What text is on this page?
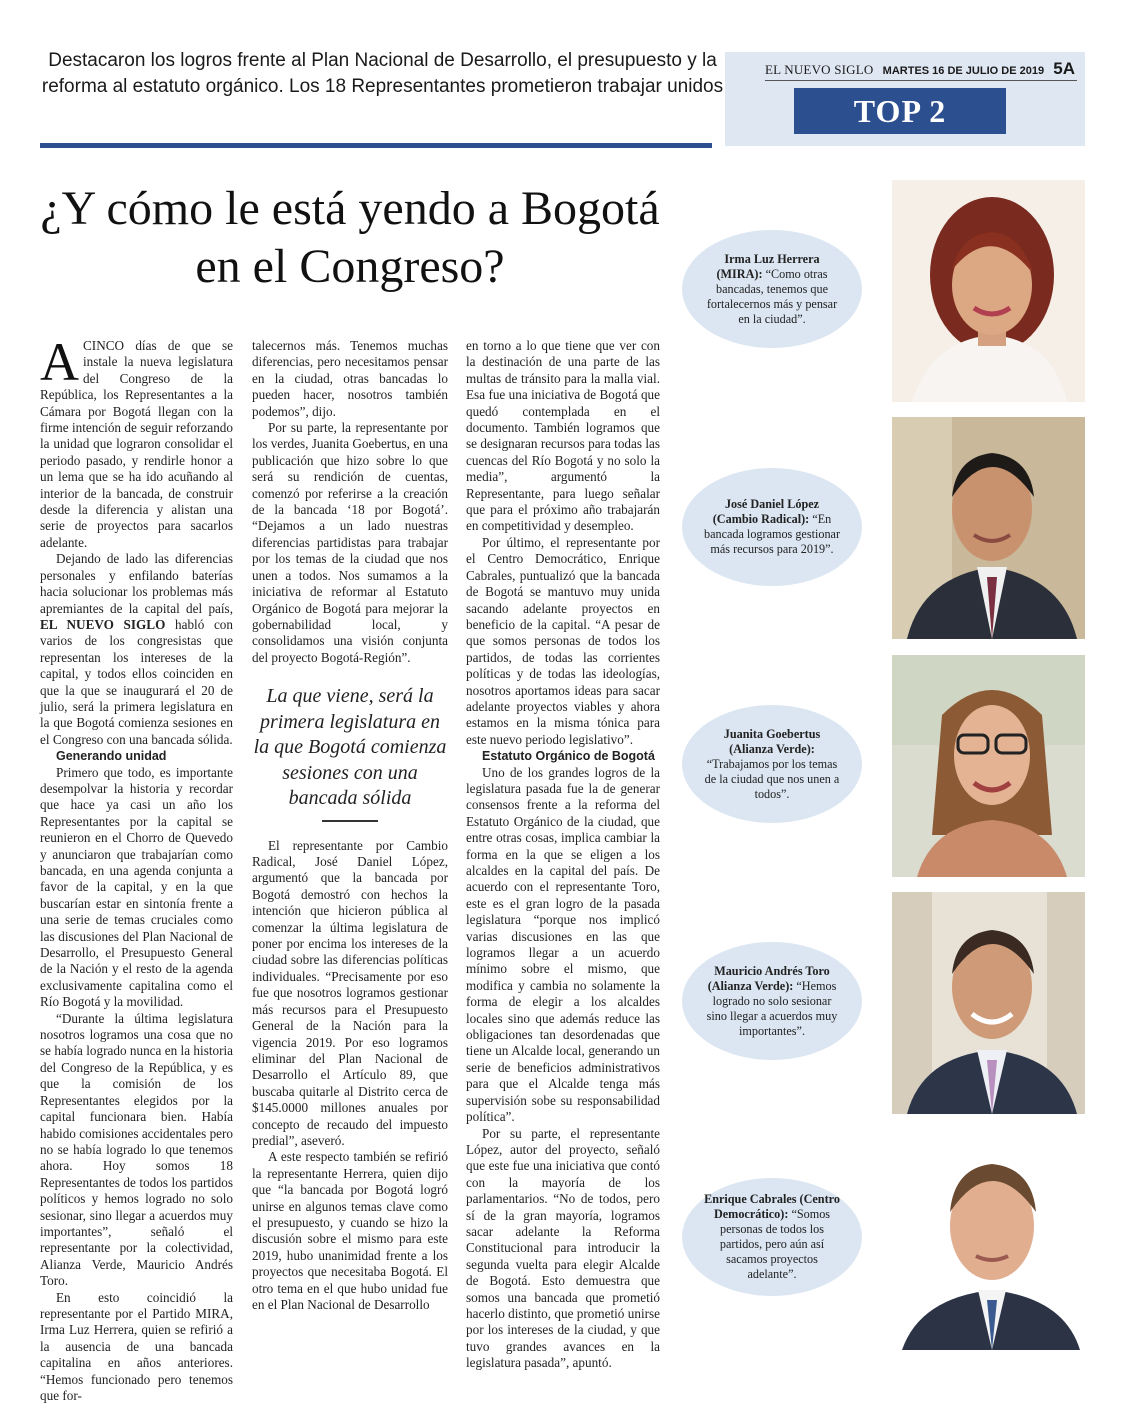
Destacaron los logros frente al Plan Nacional de Desarrollo, el presupuesto y la reforma al estatuto orgánico. Los 18 Representantes prometieron trabajar unidos
EL NUEVO SIGLO MARTES 16 DE JULIO DE 2019 5A
TOP 2
¿Y cómo le está yendo a Bogotá en el Congreso?

ACINCO días de que se instale la nueva legislatura del Congreso de la República, los Representantes a la Cámara por Bogotá llegan con la firme intención de seguir reforzando la unidad que lograron consolidar el periodo pasado, y rendirle honor a un lema que se ha ido acuñando al interior de la bancada, de construir desde la diferencia y alistan una serie de proyectos para sacarlos adelante.

Dejando de lado las diferencias personales y enfilando baterías hacia solucionar los problemas más apremiantes de la capital del país, EL NUEVO SIGLO habló con varios de los congresistas que representan los intereses de la capital, y todos ellos coinciden en que la que se inaugurará el 20 de julio, será la primera legislatura en la que Bogotá comienza sesiones en el Congreso con una bancada sólida.

Generando unidad

Primero que todo, es importante desempolvar la historia y recordar que hace ya casi un año los Representantes por la capital se reunieron en el Chorro de Quevedo y anunciaron que trabajarían como bancada, en una agenda conjunta a favor de la capital, y en la que buscarían estar en sintonía frente a una serie de temas cruciales como las discusiones del Plan Nacional de Desarrollo, el Presupuesto General de la Nación y el resto de la agenda exclusivamente capitalina como el Río Bogotá y la movilidad.

“Durante la última legislatura nosotros logramos una cosa que no se había logrado nunca en la historia del Congreso de la República, y es que la comisión de los Representantes elegidos por la capital funcionara bien. Había habido comisiones accidentales pero no se había logrado lo que tenemos ahora. Hoy somos 18 Representantes de todos los partidos políticos y hemos logrado no solo sesionar, sino llegar a acuerdos muy importantes”, señaló el representante por la colectividad, Alianza Verde, Mauricio Andrés Toro.

En esto coincidió la representante por el Partido MIRA, Irma Luz Herrera, quien se refirió a la ausencia de una bancada capitalina en años anteriores. “Hemos funcionado pero tenemos que for-

talecernos más. Tenemos muchas diferencias, pero necesitamos pensar en la ciudad, otras bancadas lo pueden hacer, nosotros también podemos”, dijo.

Por su parte, la representante por los verdes, Juanita Goebertus, en una publicación que hizo sobre lo que será su rendición de cuentas, comenzó por referirse a la creación de la bancada ‘18 por Bogotá’. “Dejamos a un lado nuestras diferencias partidistas para trabajar por los temas de la ciudad que nos unen a todos. Nos sumamos a la iniciativa de reformar al Estatuto Orgánico de Bogotá para mejorar la gobernabilidad local, y consolidamos una visión conjunta del proyecto Bogotá-Región”.

La que viene, será la primera legislatura en la que Bogotá comienza sesiones con una bancada sólida

El representante por Cambio Radical, José Daniel López, argumentó que la bancada por Bogotá demostró con hechos la intención que hicieron pública al comenzar la última legislatura de poner por encima los intereses de la ciudad sobre las diferencias políticas individuales. “Precisamente por eso fue que nosotros logramos gestionar más recursos para el Presupuesto General de la Nación para la vigencia 2019. Por eso logramos eliminar del Plan Nacional de Desarrollo el Artículo 89, que buscaba quitarle al Distrito cerca de $145.0000 millones anuales por concepto de recaudo del impuesto predial”, aseveró.

A este respecto también se refirió la representante Herrera, quien dijo que “la bancada por Bogotá logró unirse en algunos temas clave como el presupuesto, y cuando se hizo la discusión sobre el mismo para este 2019, hubo unanimidad frente a los proyectos que necesitaba Bogotá. El otro tema en el que hubo unidad fue en el Plan Nacional de Desarrollo

en torno a lo que tiene que ver con la destinación de una parte de las multas de tránsito para la malla vial. Esa fue una iniciativa de Bogotá que quedó contemplada en el documento. También logramos que se designaran recursos para todas las cuencas del Río Bogotá y no solo la media”, argumentó la Representante, para luego señalar que para el próximo año trabajarán en competitividad y desempleo.

Por último, el representante por el Centro Democrático, Enrique Cabrales, puntualizó que la bancada de Bogotá se mantuvo muy unida sacando adelante proyectos en beneficio de la capital. “A pesar de que somos personas de todos los partidos, de todas las corrientes políticas y de todas las ideologías, nosotros aportamos ideas para sacar adelante proyectos viables y ahora estamos en la misma tónica para este nuevo periodo legislativo”.

Estatuto Orgánico de Bogotá

Uno de los grandes logros de la legislatura pasada fue la de generar consensos frente a la reforma del Estatuto Orgánico de la ciudad, que entre otras cosas, implica cambiar la forma en la que se eligen a los alcaldes en la capital del país. De acuerdo con el representante Toro, este es el gran logro de la pasada legislatura “porque nos implicó varias discusiones en las que logramos llegar a un acuerdo mínimo sobre el mismo, que modifica y cambia no solamente la forma de elegir a los alcaldes locales sino que además reduce las obligaciones tan desordenadas que tiene un Alcalde local, generando un serie de beneficios administrativos para que el Alcalde tenga más supervisión sobe su responsabilidad política”.

Por su parte, el representante López, autor del proyecto, señaló que este fue una iniciativa que contó con la mayoría de los parlamentarios. “No de todos, pero sí de la gran mayoría, logramos sacar adelante la Reforma Constitucional para introducir la segunda vuelta para elegir Alcalde de Bogotá. Esto demuestra que somos una bancada que prometió hacerlo distinto, que prometió unirse por los intereses de la ciudad, y que tuvo grandes avances en la legislatura pasada”, apuntó.

Irma Luz Herrera (MIRA): “Como otras bancadas, tenemos que fortalecernos más y pensar en la ciudad”.
José Daniel López (Cambio Radical): “En bancada logramos gestionar más recursos para 2019”.
Juanita Goebertus (Alianza Verde): “Trabajamos por los temas de la ciudad que nos unen a todos”.
Mauricio Andrés Toro (Alianza Verde): “Hemos logrado no solo sesionar sino llegar a acuerdos muy importantes”.
Enrique Cabrales (Centro Democrático): “Somos personas de todos los partidos, pero aún así sacamos proyectos adelante”.
